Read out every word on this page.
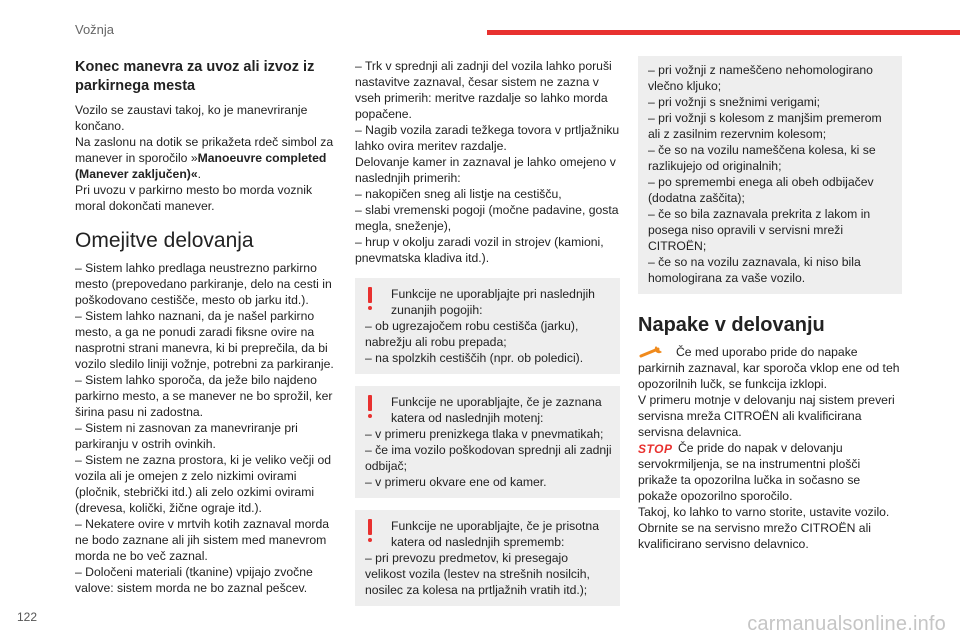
Vožnja
Konec manevra za uvoz ali izvoz iz parkirnega mesta

Vozilo se zaustavi takoj, ko je manevriranje končano.

Na zaslonu na dotik se prikažeta rdeč simbol za manever in sporočilo »Manoeuvre completed (Manever zaključen)«.

Pri uvozu v parkirno mesto bo morda voznik moral dokončati manever.

Omejitve delovanja

– Sistem lahko predlaga neustrezno parkirno mesto (prepovedano parkiranje, delo na cesti in poškodovano cestišče, mesto ob jarku itd.).

– Sistem lahko naznani, da je našel parkirno mesto, a ga ne ponudi zaradi fiksne ovire na nasprotni strani manevra, ki bi preprečila, da bi vozilo sledilo liniji vožnje, potrebni za parkiranje.

– Sistem lahko sporoča, da ježe bilo najdeno parkirno mesto, a se manever ne bo sprožil, ker širina pasu ni zadostna.

– Sistem ni zasnovan za manevriranje pri parkiranju v ostrih ovinkih.

– Sistem ne zazna prostora, ki je veliko večji od vozila ali je omejen z zelo nizkimi ovirami (pločnik, stebrički itd.) ali zelo ozkimi ovirami (drevesa, količki, žične ograje itd.).

– Nekatere ovire v mrtvih kotih zaznaval morda ne bodo zaznane ali jih sistem med manevrom morda ne bo več zaznal.

– Določeni materiali (tkanine) vpijajo zvočne valove: sistem morda ne bo zaznal pešcev.

– Trk v sprednji ali zadnji del vozila lahko poruši nastavitve zaznaval, česar sistem ne zazna v vseh primerih: meritve razdalje so lahko morda popačene.

– Nagib vozila zaradi težkega tovora v prtljažniku lahko ovira meritev razdalje.

Delovanje kamer in zaznaval je lahko omejeno v naslednjih primerih:

– nakopičen sneg ali listje na cestišču,

– slabi vremenski pogoji (močne padavine, gosta megla, sneženje),

– hrup v okolju zaradi vozil in strojev (kamioni, pnevmatska kladiva itd.).

Funkcije ne uporabljajte pri naslednjih zunanjih pogojih:

– ob ugrezajočem robu cestišča (jarku), nabrežju ali robu prepada;

– na spolzkih cestiščih (npr. ob poledici).

Funkcije ne uporabljajte, če je zaznana katera od naslednjih motenj:

– v primeru prenizkega tlaka v pnevmatikah;

– če ima vozilo poškodovan sprednji ali zadnji odbijač;

– v primeru okvare ene od kamer.

Funkcije ne uporabljajte, če je prisotna katera od naslednjih sprememb:

– pri prevozu predmetov, ki presegajo velikost vozila (lestev na strešnih nosilcih, nosilec za kolesa na prtljažnih vratih itd.);

– pri vožnji z nameščeno nehomologirano vlečno kljuko;

– pri vožnji s snežnimi verigami;

– pri vožnji s kolesom z manjšim premerom ali z zasilnim rezervnim kolesom;

– če so na vozilu nameščena kolesa, ki se razlikujejo od originalnih;

– po spremembi enega ali obeh odbijačev (dodatna zaščita);

– če so bila zaznavala prekrita z lakom in posega niso opravili v servisni mreži CITROËN;

– če so na vozilu zaznavala, ki niso bila homologirana za vaše vozilo.

Napake v delovanju

Če med uporabo pride do napake parkirnih zaznaval, kar sporoča vklop ene od teh opozorilnih lučk, se funkcija izklopi.

V primeru motnje v delovanju naj sistem preveri servisna mreža CITROËN ali kvalificirana servisna delavnica.

STOP Če pride do napak v delovanju servokrmiljenja, se na instrumentni plošči prikaže ta opozorilna lučka in sočasno se pokaže opozorilno sporočilo.

Takoj, ko lahko to varno storite, ustavite vozilo.

Obrnite se na servisno mrežo CITROËN ali kvalificirano servisno delavnico.

122	carmanualsonline.info
